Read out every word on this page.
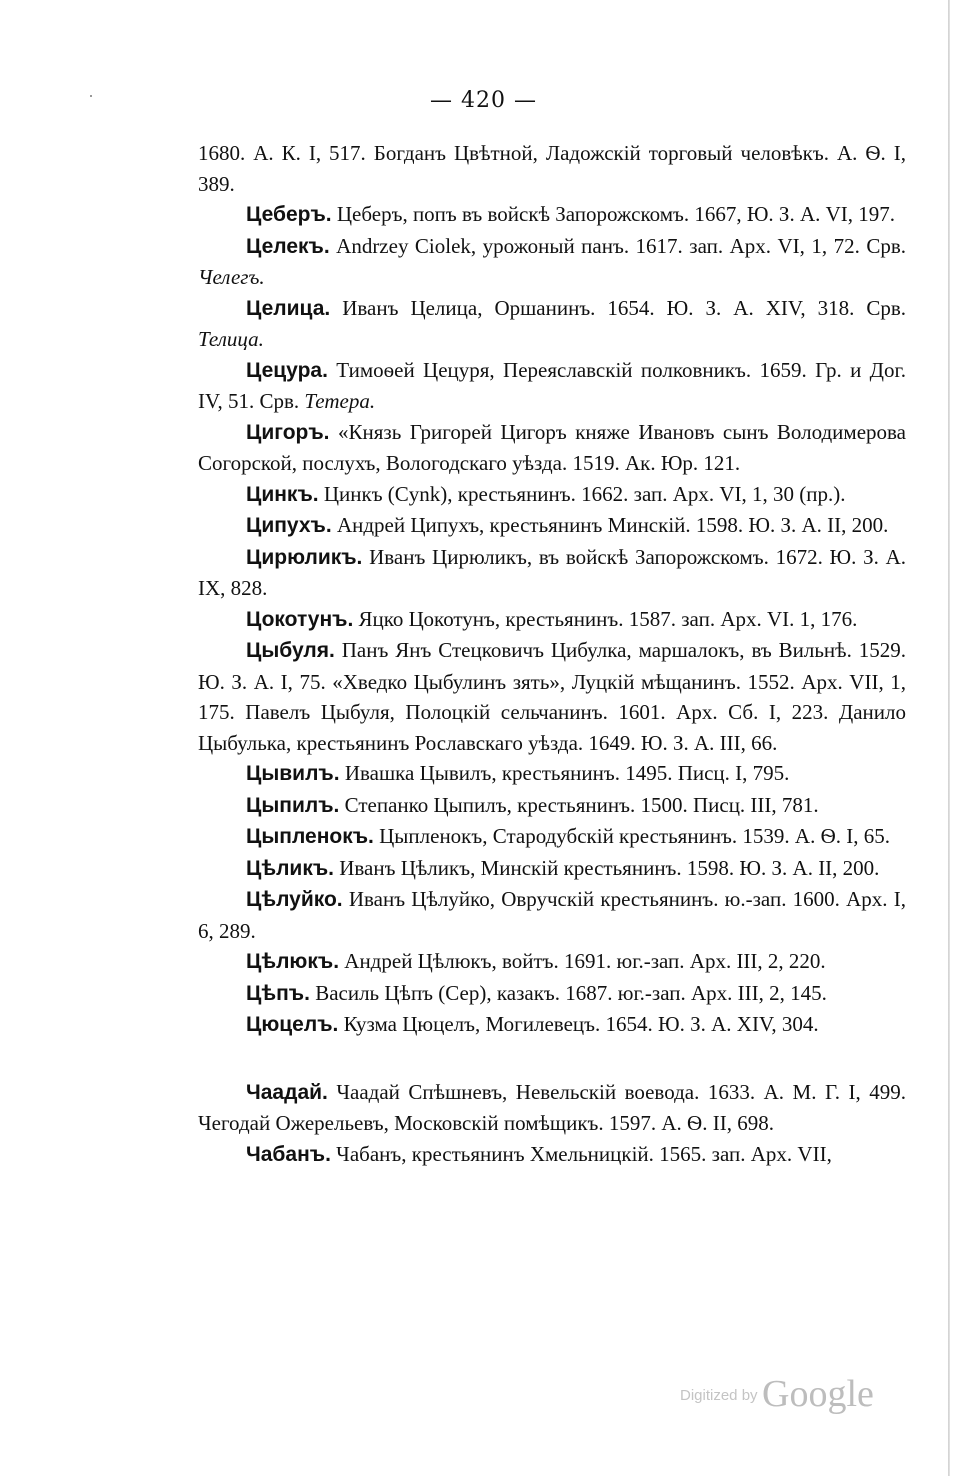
— 420 —

1680. А. К. I, 517. Богданъ Цвѣтной, Ладожскій торговый человѣкъ. А. Ѳ. I, 389.

Цеберъ. Цеберъ, попъ въ войскѣ Запорожскомъ. 1667, Ю. З. А. VI, 197.

Целекъ. Andrzey Ciolek, урожоный панъ. 1617. зап. Арх. VI, 1, 72. Срв. Челегъ.

Целица. Иванъ Целица, Оршанинъ. 1654. Ю. З. А. XIV, 318. Срв. Телица.

Цецура. Тимоѳей Цецуря, Переяславскій полковникъ. 1659. Гр. и Дог. IV, 51. Срв. Тетера.

Цигоръ. «Князь Григорей Цигоръ княже Ивановъ сынъ Володимерова Согорской, послухъ, Вологодскаго уѣзда. 1519. Ак. Юр. 121.

Цинкъ. Цинкъ (Cynk), крестьянинъ. 1662. зап. Арх. VI, 1, 30 (пр.).

Ципухъ. Андрей Ципухъ, крестьянинъ Минскій. 1598. Ю. З. А. II, 200.

Цирюликъ. Иванъ Цирюликъ, въ войскѣ Запорожскомъ. 1672. Ю. З. А. IX, 828.

Цокотунъ. Яцко Цокотунъ, крестьянинъ. 1587. зап. Арх. VI. 1, 176.

Цыбуля. Панъ Янъ Стецковичъ Цибулка, маршалокъ, въ Вильнѣ. 1529. Ю. З. А. I, 75. «Хведко Цыбулинъ зять», Луцкій мѣщанинъ. 1552. Арх. VII, 1, 175. Павелъ Цыбуля, Полоцкій сельчанинъ. 1601. Арх. Сб. I, 223. Данило Цыбулька, крестьянинъ Рославскаго уѣзда. 1649. Ю. З. А. III, 66.

Цывилъ. Ивашка Цывилъ, крестьянинъ. 1495. Писц. I, 795.

Цыпилъ. Степанко Цыпилъ, крестьянинъ. 1500. Писц. III, 781.

Цыпленокъ. Цыпленокъ, Стародубскій крестьянинъ. 1539. А. Ѳ. I, 65.

Цѣликъ. Иванъ Цѣликъ, Минскій крестьянинъ. 1598. Ю. З. А. II, 200.

Цѣлуйко. Иванъ Цѣлуйко, Овручскій крестьянинъ. ю.-зап. 1600. Арх. I, 6, 289.

Цѣлюкъ. Андрей Цѣлюкъ, войтъ. 1691. юг.-зап. Арх. III, 2, 220.

Цѣпъ. Василь Цѣпъ (Сер), казакъ. 1687. юг.-зап. Арх. III, 2, 145.

Цюцелъ. Кузма Цюцелъ, Могилевецъ. 1654. Ю. З. А. XIV, 304.

Чаадай. Чаадай Спѣшневъ, Невельскій воевода. 1633. А. М. Г. I, 499. Чегодай Ожерельевъ, Московскій помѣщикъ. 1597. А. Ѳ. II, 698.

Чабанъ. Чабанъ, крестьянинъ Хмельницкій. 1565. зап. Арх. VII,

Digitized by Google
